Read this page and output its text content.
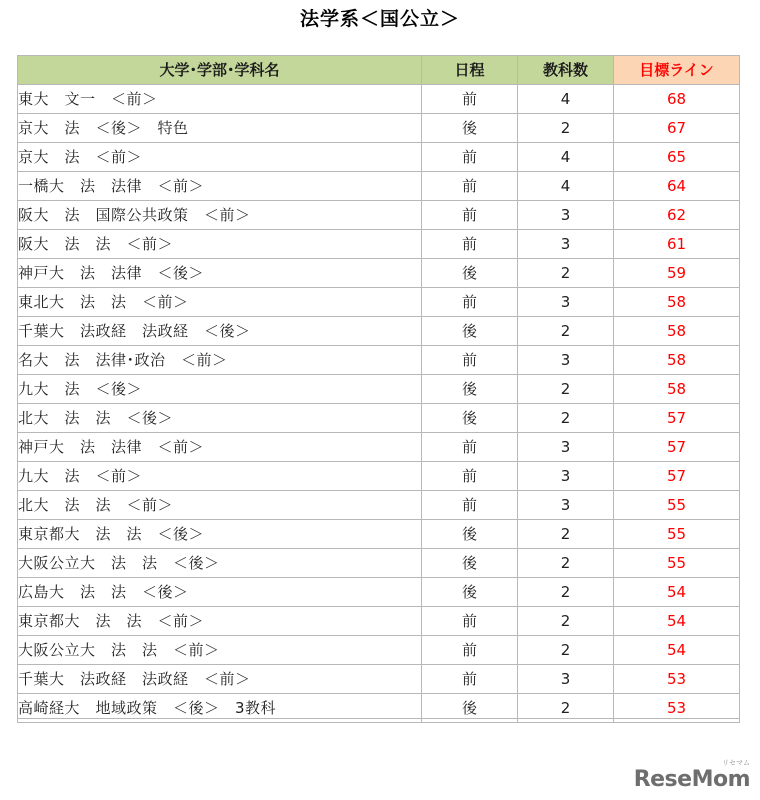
法学系＜国公立＞
大学･学部･学科名	日程	教科数	目標ライン
東大　文一　＜前＞	前	4	68
京大　法　＜後＞　特色	後	2	67
京大　法　＜前＞	前	4	65
一橋大　法　法律　＜前＞	前	4	64
阪大　法　国際公共政策　＜前＞	前	3	62
阪大　法　法　＜前＞	前	3	61
神戸大　法　法律　＜後＞	後	2	59
東北大　法　法　＜前＞	前	3	58
千葉大　法政経　法政経　＜後＞	後	2	58
名大　法　法律･政治　＜前＞	前	3	58
九大　法　＜後＞	後	2	58
北大　法　法　＜後＞	後	2	57
神戸大　法　法律　＜前＞	前	3	57
九大　法　＜前＞	前	3	57
北大　法　法　＜前＞	前	3	55
東京都大　法　法　＜後＞	後	2	55
大阪公立大　法　法　＜後＞	後	2	55
広島大　法　法　＜後＞	後	2	54
東京都大　法　法　＜前＞	前	2	54
大阪公立大　法　法　＜前＞	前	2	54
千葉大　法政経　法政経　＜前＞	前	3	53
高崎経大　地域政策　＜後＞　3教科	後	2	53
リセマム
ReseMom
